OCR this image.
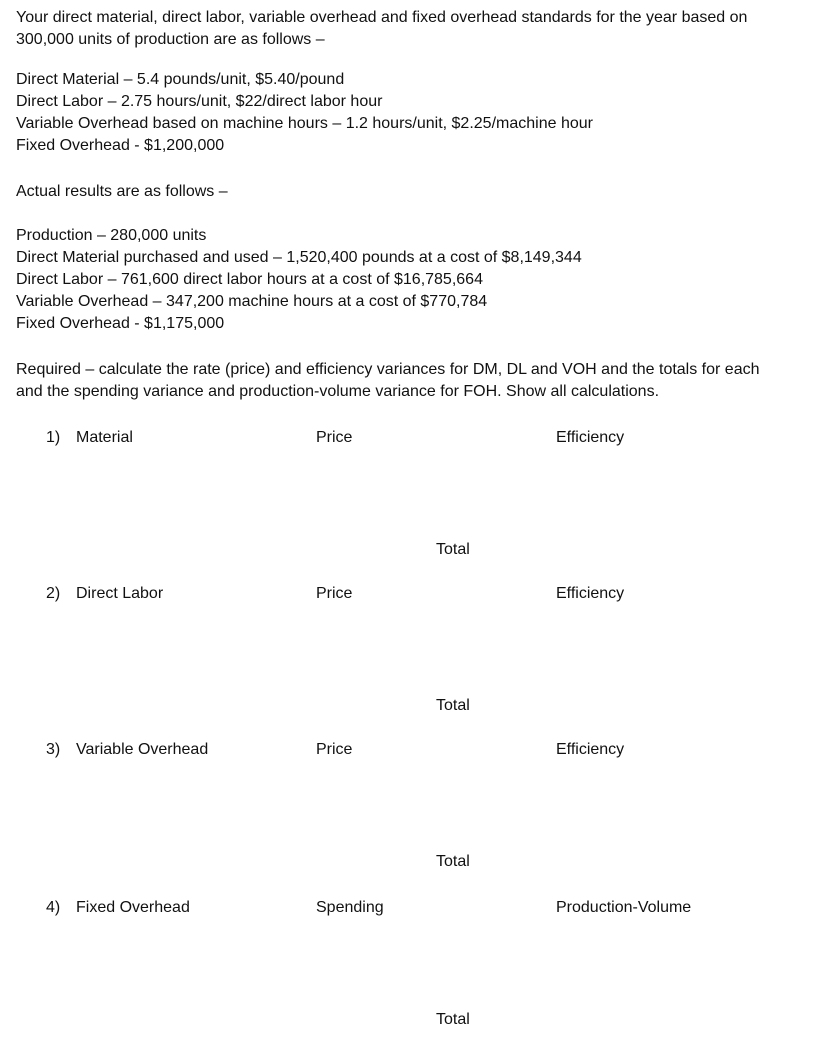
Your direct material, direct labor, variable overhead and fixed overhead standards for the year based on
300,000 units of production are as follows –

Direct Material – 5.4 pounds/unit, $5.40/pound
Direct Labor – 2.75 hours/unit, $22/direct labor hour
Variable Overhead based on machine hours – 1.2 hours/unit, $2.25/machine hour
Fixed Overhead - $1,200,000

Actual results are as follows –

Production – 280,000 units
Direct Material purchased and used – 1,520,400 pounds at a cost of $8,149,344
Direct Labor – 761,600 direct labor hours at a cost of $16,785,664
Variable Overhead – 347,200 machine hours at a cost of $770,784
Fixed Overhead - $1,175,000

Required – calculate the rate (price) and efficiency variances for DM, DL and VOH and the totals for each
and the spending variance and production-volume variance for FOH. Show all calculations.

1) Material	Price	Efficiency
Total
2) Direct Labor	Price	Efficiency
Total
3) Variable Overhead	Price	Efficiency
Total
4) Fixed Overhead	Spending	Production-Volume
Total
